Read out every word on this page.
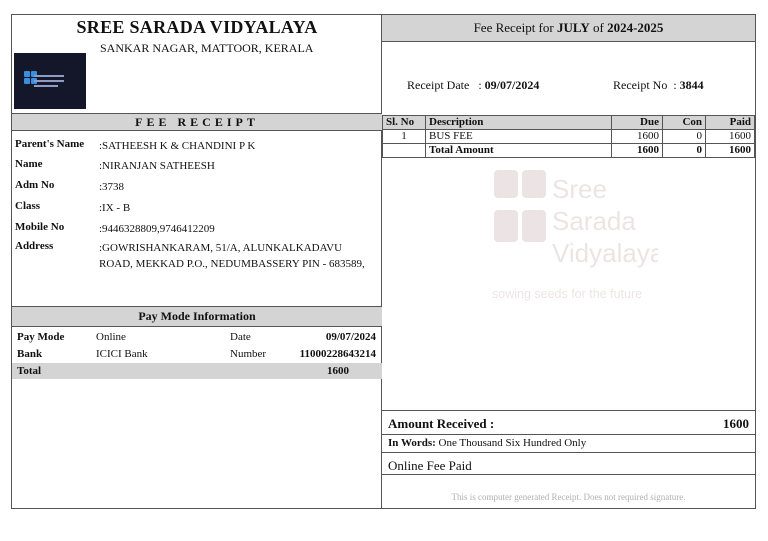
SREE SARADA VIDYALAYA
SANKAR NAGAR, MATTOOR, KERALA
FEE RECEIPT
Parent's Name	:SATHEESH K & CHANDINI P K
Name	:NIRANJAN SATHEESH
Adm No	:3738
Class	:IX - B
Mobile No	:9446328809,9746412209
Address	:GOWRISHANKARAM, 51/A, ALUNKALKADAVU ROAD, MEKKAD P.O., NEDUMBASSERY PIN - 683589,
Pay Mode Information
Pay Mode	Online	Date	09/07/2024
Bank	ICICI Bank	Number	11000228643214
Total	1600
Fee Receipt for JULY of 2024-2025
Receipt Date   : 09/07/2024	Receipt No  : 3844
Sl. No	Description	Due	Con	Paid
1	BUS FEE	1600	0	1600
	Total Amount	1600	0	1600
Sree
Sarada
Vidyalaya
sowing seeds for the future
Amount Received :	1600
In Words: One Thousand Six Hundred Only
Online Fee Paid
This is computer generated Receipt. Does not required signature.
